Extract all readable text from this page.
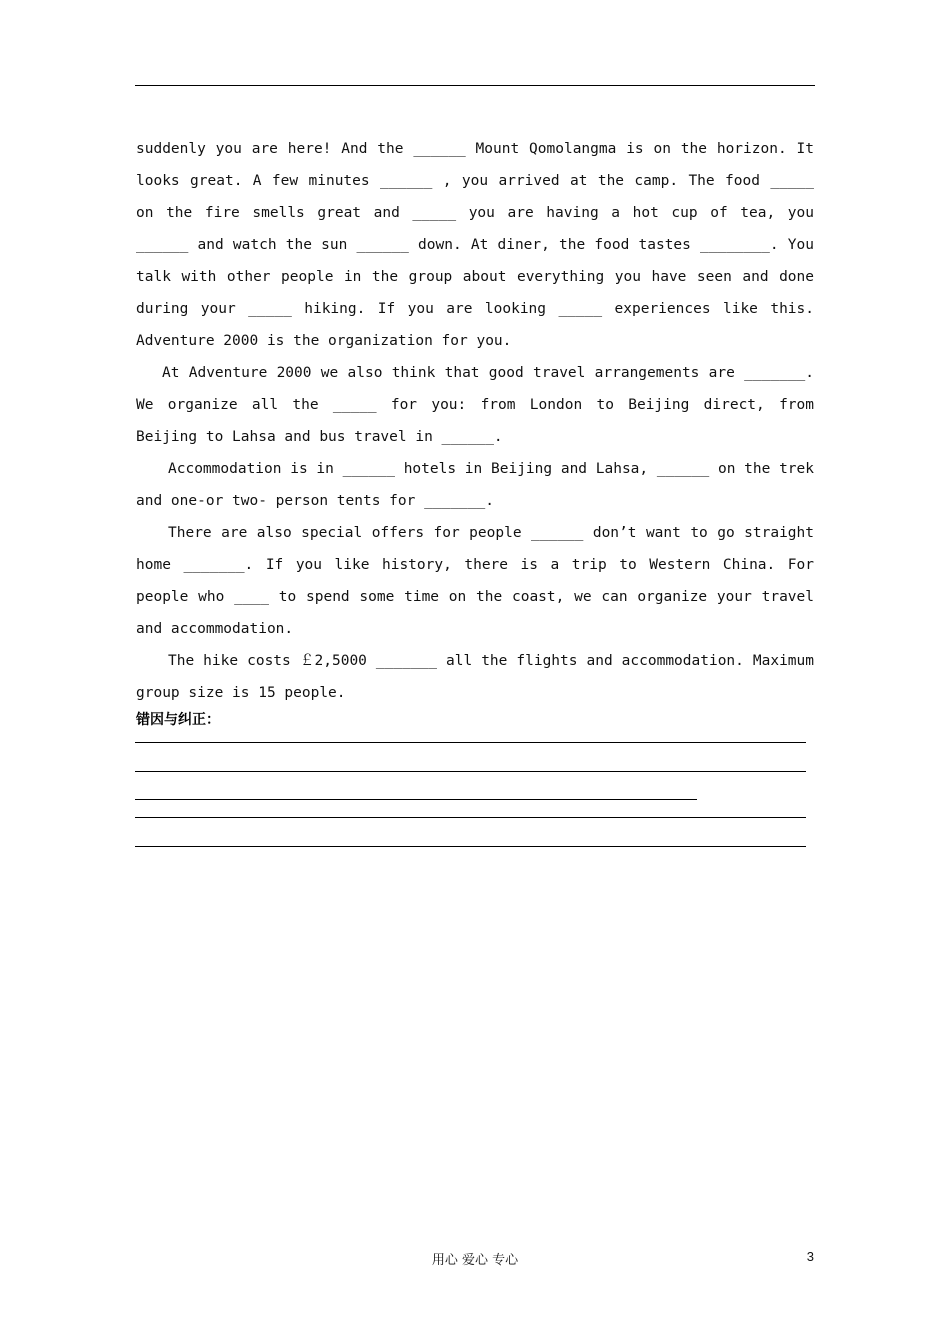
suddenly you are here! And the ______ Mount Qomolangma is on the horizon. It looks great. A few minutes ______ , you arrived at the camp. The food _____ on the fire smells great and _____ you are having a hot cup of tea, you ______ and watch the sun ______ down. At diner, the food tastes ________. You talk with other people in the group about everything you have seen and done during your _____ hiking. If you are looking _____ experiences like this. Adventure 2000 is the organization for you.

At Adventure 2000 we also think that good travel arrangements are _______. We organize all the _____ for you: from London to Beijing direct, from Beijing to Lahsa and bus travel in ______.

Accommodation is in ______ hotels in Beijing and Lahsa, ______ on the trek and one-or two- person tents for _______.

There are also special offers for people ______ don’t want to go straight home _______. If you like history, there is a trip to Western China. For people who ____ to spend some time on the coast, we can organize your travel and accommodation.

The hike costs ￡2,5000 _______ all the flights and accommodation. Maximum group size is 15 people.

错因与纠正：
用心 爱心 专心	3
